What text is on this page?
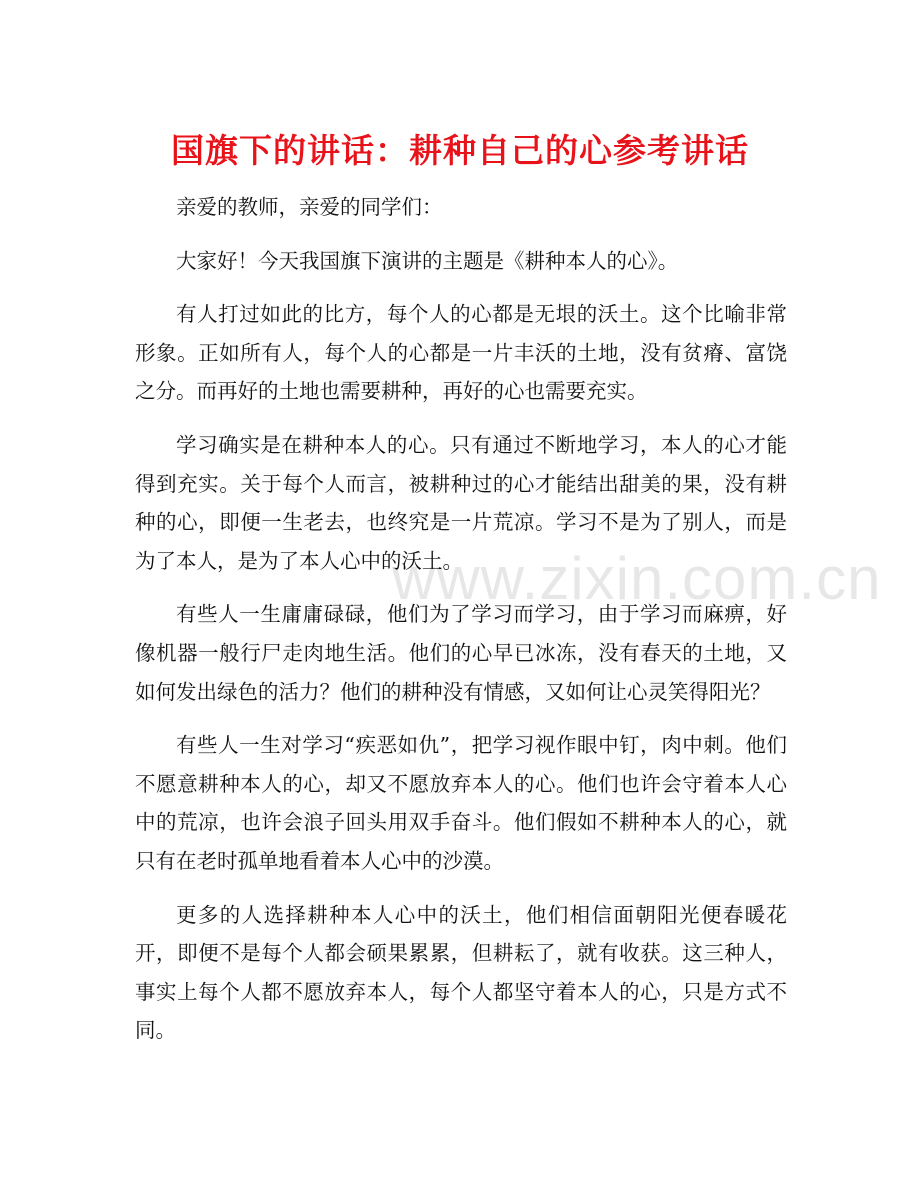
国旗下的讲话：耕种自己的心参考讲话

亲爱的教师，亲爱的同学们：

大家好！今天我国旗下演讲的主题是《耕种本人的心》。

有人打过如此的比方，每个人的心都是无垠的沃土。这个比喻非常形象。正如所有人，每个人的心都是一片丰沃的土地，没有贫瘠、富饶之分。而再好的土地也需要耕种，再好的心也需要充实。

学习确实是在耕种本人的心。只有通过不断地学习，本人的心才能得到充实。关于每个人而言，被耕种过的心才能结出甜美的果，没有耕种的心，即便一生老去，也终究是一片荒凉。学习不是为了别人，而是为了本人，是为了本人心中的沃土。

有些人一生庸庸碌碌，他们为了学习而学习，由于学习而麻痹，好像机器一般行尸走肉地生活。他们的心早已冰冻，没有春天的土地，又如何发出绿色的活力？他们的耕种没有情感，又如何让心灵笑得阳光？

有些人一生对学习“疾恶如仇”，把学习视作眼中钉，肉中刺。他们不愿意耕种本人的心，却又不愿放弃本人的心。他们也许会守着本人心中的荒凉，也许会浪子回头用双手奋斗。他们假如不耕种本人的心，就只有在老时孤单地看着本人心中的沙漠。

更多的人选择耕种本人心中的沃土，他们相信面朝阳光便春暖花开，即便不是每个人都会硕果累累，但耕耘了，就有收获。这三种人，事实上每个人都不愿放弃本人，每个人都坚守着本人的心，只是方式不同。

www.zixin.com.cn
